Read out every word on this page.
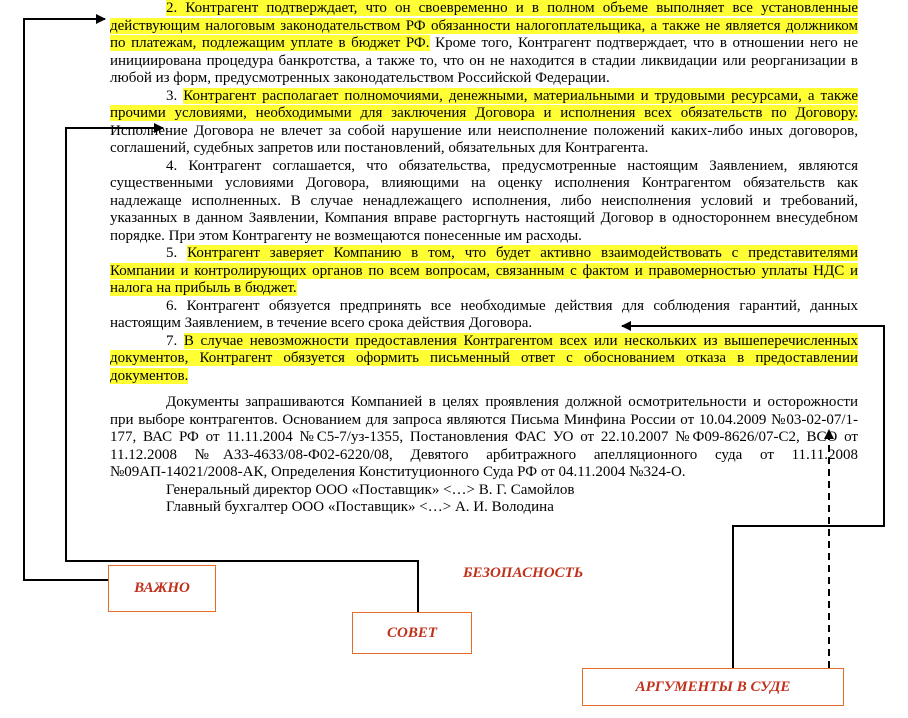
2. Контрагент подтверждает, что он своевременно и в полном объеме выполняет все установленные действующим налоговым законодательством РФ обязанности налогоплательщика, а также не является должником по платежам, подлежащим уплате в бюджет РФ. Кроме того, Контрагент подтверждает, что в отношении него не инициирована процедура банкротства, а также то, что он не находится в стадии ликвидации или реорганизации в любой из форм, предусмотренных законодательством Российской Федерации.

3. Контрагент располагает полномочиями, денежными, материальными и трудовыми ресурсами, а также прочими условиями, необходимыми для заключения Договора и исполнения всех обязательств по Договору. Исполнение Договора не влечет за собой нарушение или неисполнение положений каких-либо иных договоров, соглашений, судебных запретов или постановлений, обязательных для Контрагента.

4. Контрагент соглашается, что обязательства, предусмотренные настоящим Заявлением, являются существенными условиями Договора, влияющими на оценку исполнения Контрагентом обязательств как надлежаще исполненных. В случае ненадлежащего исполнения, либо неисполнения условий и требований, указанных в данном Заявлении, Компания вправе расторгнуть настоящий Договор в одностороннем внесудебном порядке. При этом Контрагенту не возмещаются понесенные им расходы.

5. Контрагент заверяет Компанию в том, что будет активно взаимодействовать с представителями Компании и контролирующих органов по всем вопросам, связанным с фактом и правомерностью уплаты НДС и налога на прибыль в бюджет.

6. Контрагент обязуется предпринять все необходимые действия для соблюдения гарантий, данных настоящим Заявлением, в течение всего срока действия Договора.

7. В случае невозможности предоставления Контрагентом всех или нескольких из вышеперечисленных документов, Контрагент обязуется оформить письменный ответ с обоснованием отказа в предоставлении документов.

Документы запрашиваются Компанией в целях проявления должной осмотрительности и осторожности при выборе контрагентов. Основанием для запроса являются Письма Минфина России от 10.04.2009 №03-02-07/1-177, ВАС РФ от 11.11.2004 №С5-7/уз-1355, Постановления ФАС УО от 22.10.2007 №Ф09-8626/07-С2, ВСО от 11.12.2008 №А33-4633/08-Ф02-6220/08, Девятого арбитражного апелляционного суда от 11.11.2008 №09АП-14021/2008-АК, Определения Конституционного Суда РФ от 04.11.2004 №324-О.

Генеральный директор ООО «Поставщик» <…> В. Г. Самойлов

Главный бухгалтер ООО «Поставщик» <…> А. И. Володина

ВАЖНО
БЕЗОПАСНОСТЬ
СОВЕТ
АРГУМЕНТЫ В СУДЕ
